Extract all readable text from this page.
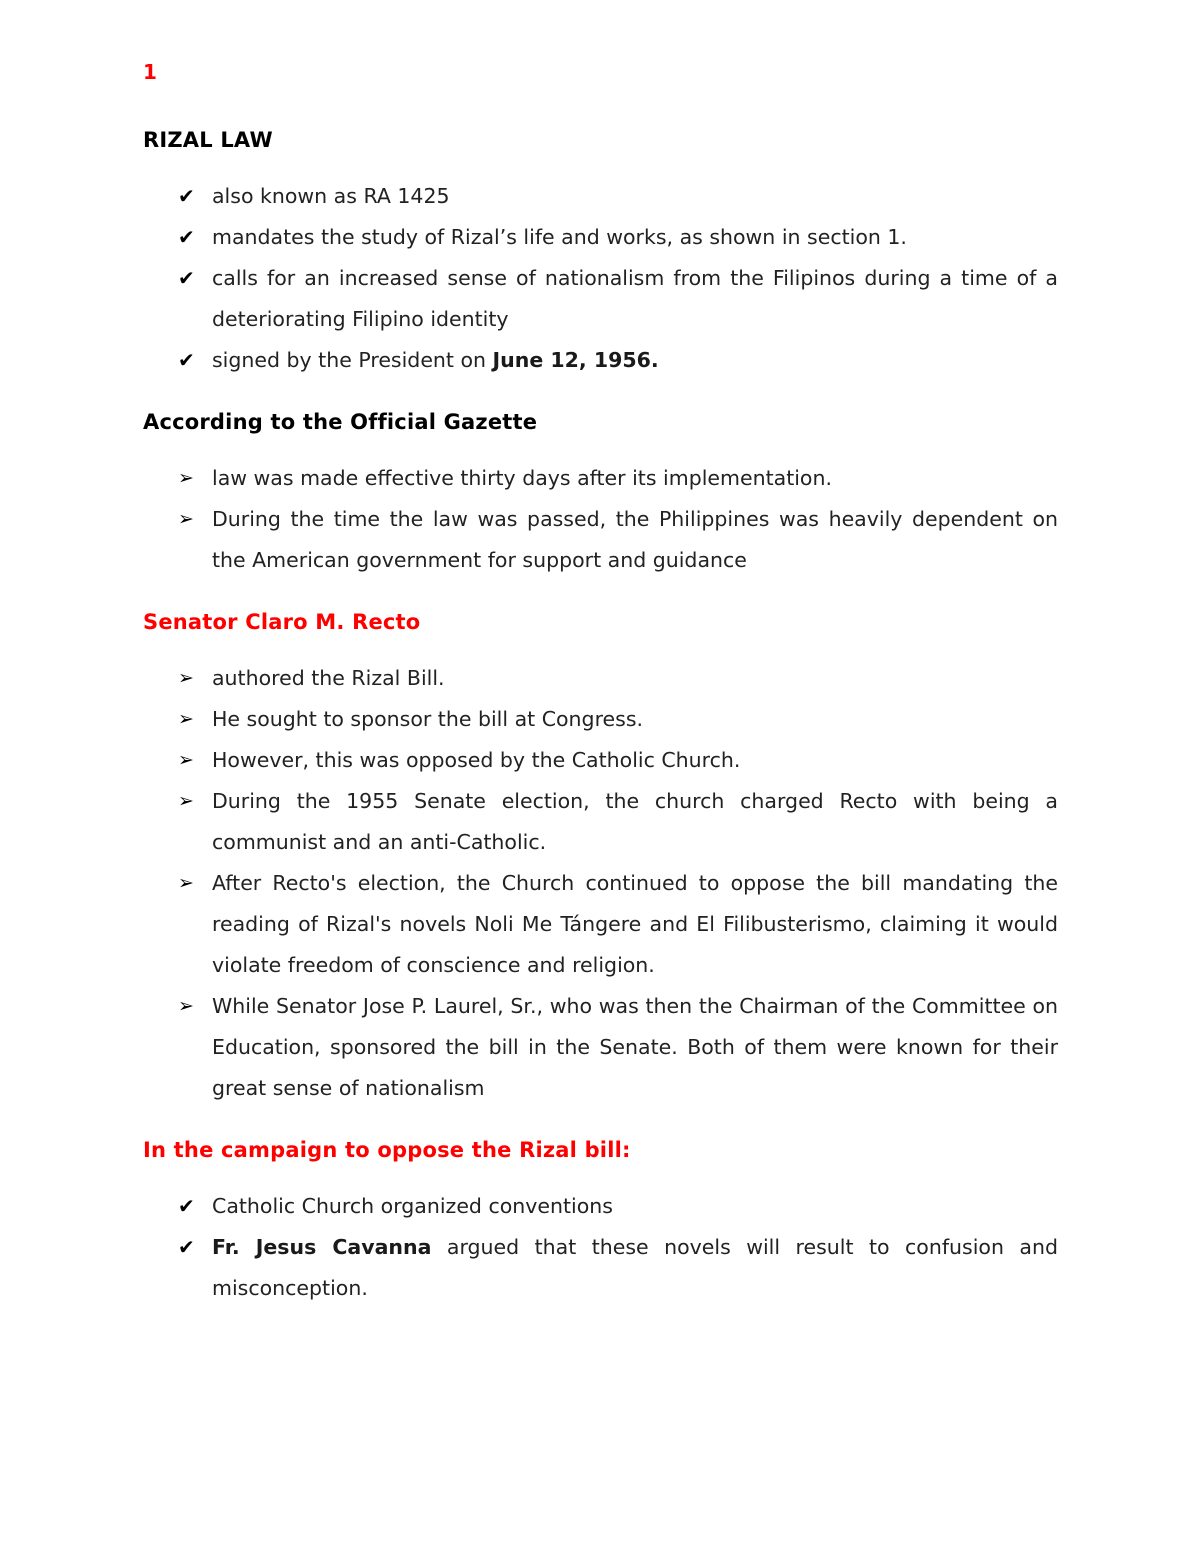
1
RIZAL LAW
✔ also known as RA 1425
✔ mandates the study of Rizal’s life and works, as shown in section 1.
✔ calls for an increased sense of nationalism from the Filipinos during a time of a deteriorating Filipino identity
✔ signed by the President on June 12, 1956.
According to the Official Gazette
➢ law was made effective thirty days after its implementation.
➢ During the time the law was passed, the Philippines was heavily dependent on the American government for support and guidance
Senator Claro M. Recto
➢ authored the Rizal Bill.
➢ He sought to sponsor the bill at Congress.
➢ However, this was opposed by the Catholic Church.
➢ During the 1955 Senate election, the church charged Recto with being a communist and an anti-Catholic.
➢ After Recto's election, the Church continued to oppose the bill mandating the reading of Rizal's novels Noli Me Tángere and El Filibusterismo, claiming it would violate freedom of conscience and religion.
➢ While Senator Jose P. Laurel, Sr., who was then the Chairman of the Committee on Education, sponsored the bill in the Senate. Both of them were known for their great sense of nationalism
In the campaign to oppose the Rizal bill:
✔ Catholic Church organized conventions
✔ Fr. Jesus Cavanna argued that these novels will result to confusion and misconception.
